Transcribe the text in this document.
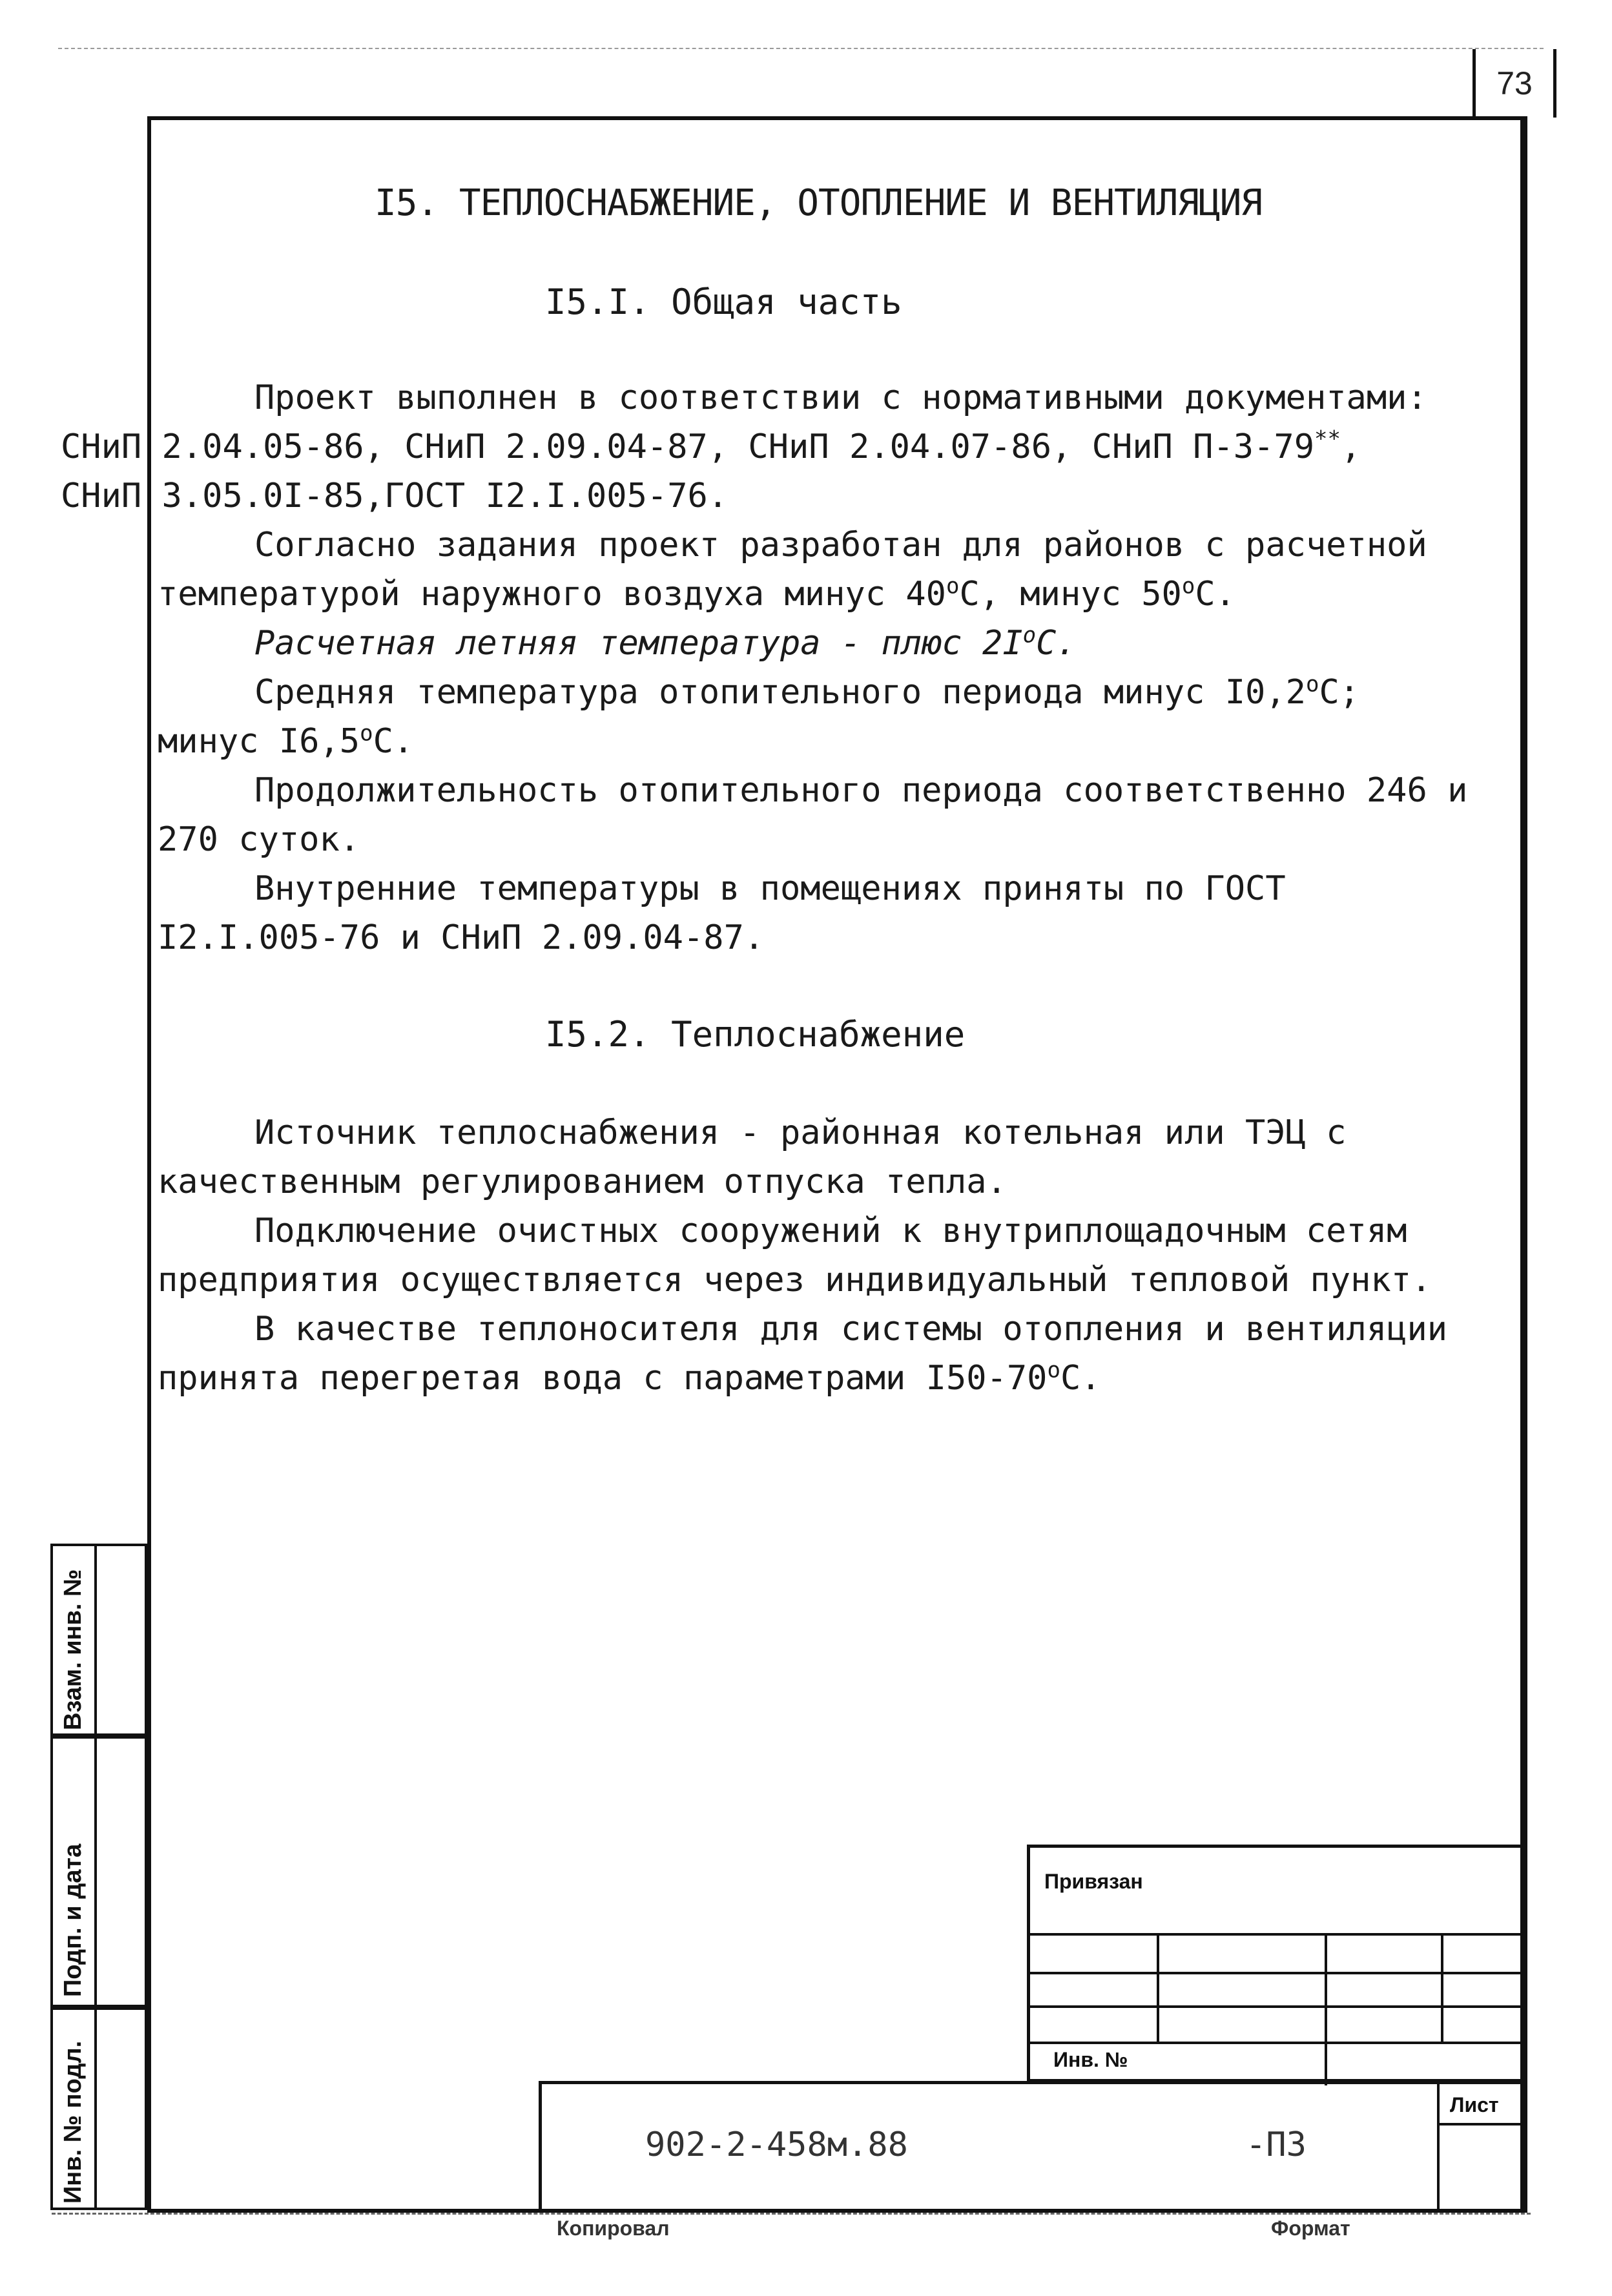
73
I5. ТЕПЛОСНАБЖЕНИЕ, ОТОПЛЕНИЕ И ВЕНТИЛЯЦИЯ
I5.I. Общая часть

Проект выполнен в соответствии с нормативными документами:
СНиП 2.04.05-86, СНиП 2.09.04-87, СНиП 2.04.07-86, СНиП П-3-79**,
СНиП 3.05.0I-85,ГОСТ I2.I.005-76.

Согласно задания проект разработан для районов с расчетной температурой наружного воздуха минус 40$^o$С, минус 50$^o$С.

Расчетная летняя температура - плюс $2I^oС$.

Средняя температура отопительного периода минус I0,2$^o$С; минус I6,5$^o$С.

Продолжительность отопительного периода соответственно 246 и 270 суток.

Внутренние температуры в помещениях приняты по ГОСТ I2.I.005-76 и СНиП 2.09.04-87.

I5.2. Теплоснабжение

Источник теплоснабжения - районная котельная или ТЭЦ с качественным регулированием отпуска тепла.

Подключение очистных сооружений к внутриплощадочным сетям предприятия осуществляется через индивидуальный тепловой пункт.

В качестве теплоносителя для системы отопления и вентиляции принята перегретая вода с параметрами I50-70$^o$С.

Взам. инв. №
Подп. и дата
Инв. № подл.
Привязан
Инв. №
902-2-458м.88	-ПЗ
Лист
Копировал	Формат
